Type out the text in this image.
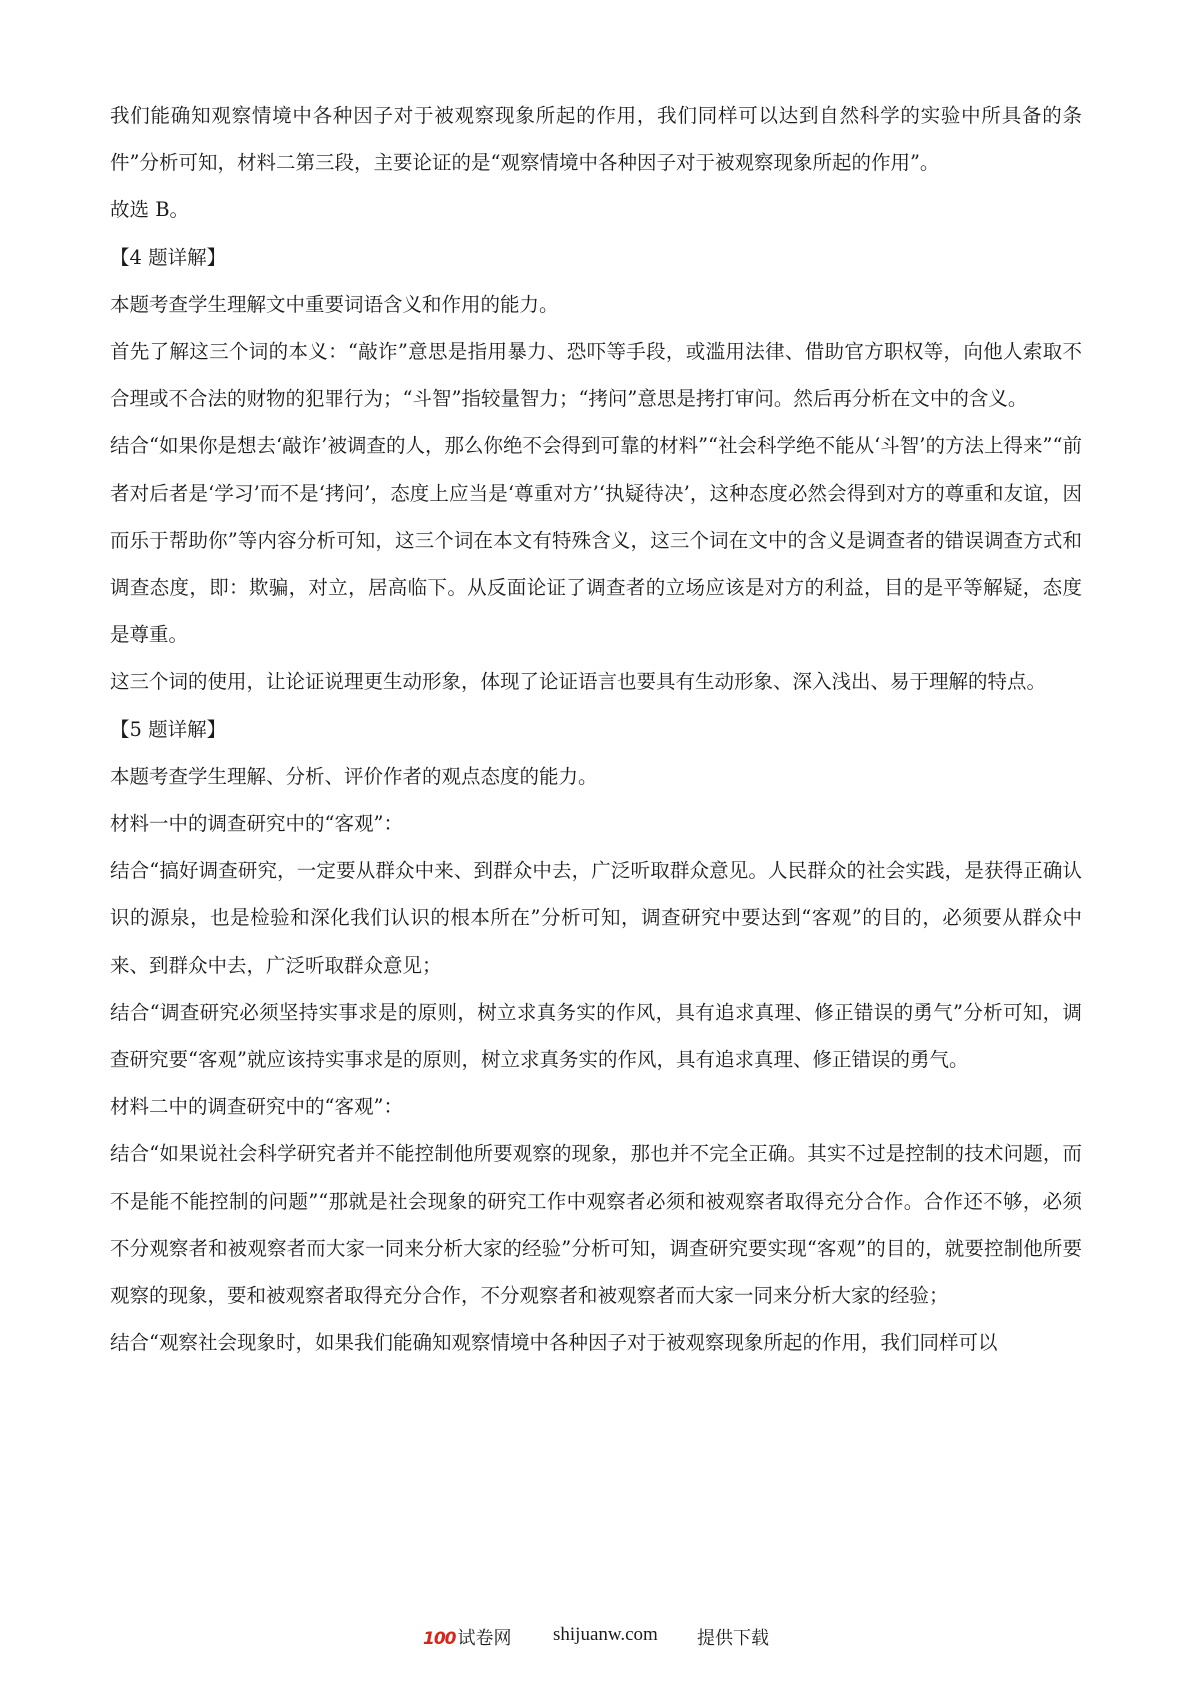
我们能确知观察情境中各种因子对于被观察现象所起的作用，我们同样可以达到自然科学的实验中所具备的条件”分析可知，材料二第三段，主要论证的是“观察情境中各种因子对于被观察现象所起的作用”。

故选 B。

【4 题详解】

本题考查学生理解文中重要词语含义和作用的能力。

首先了解这三个词的本义：“敲诈”意思是指用暴力、恐吓等手段，或滥用法律、借助官方职权等，向他人索取不合理或不合法的财物的犯罪行为；“斗智”指较量智力；“拷问”意思是拷打审问。然后再分析在文中的含义。

结合“如果你是想去‘敲诈’被调查的人，那么你绝不会得到可靠的材料”“社会科学绝不能从‘斗智’的方法上得来”“前者对后者是‘学习’而不是‘拷问’，态度上应当是‘尊重对方’‘执疑待决’，这种态度必然会得到对方的尊重和友谊，因而乐于帮助你”等内容分析可知，这三个词在本文有特殊含义，这三个词在文中的含义是调查者的错误调查方式和调查态度，即：欺骗，对立，居高临下。从反面论证了调查者的立场应该是对方的利益，目的是平等解疑，态度是尊重。

这三个词的使用，让论证说理更生动形象，体现了论证语言也要具有生动形象、深入浅出、易于理解的特点。

【5 题详解】

本题考查学生理解、分析、评价作者的观点态度的能力。

材料一中的调查研究中的“客观”：

结合“搞好调查研究，一定要从群众中来、到群众中去，广泛听取群众意见。人民群众的社会实践，是获得正确认识的源泉，也是检验和深化我们认识的根本所在”分析可知，调查研究中要达到“客观”的目的，必须要从群众中来、到群众中去，广泛听取群众意见；

结合“调查研究必须坚持实事求是的原则，树立求真务实的作风，具有追求真理、修正错误的勇气”分析可知，调查研究要“客观”就应该持实事求是的原则，树立求真务实的作风，具有追求真理、修正错误的勇气。

材料二中的调查研究中的“客观”：

结合“如果说社会科学研究者并不能控制他所要观察的现象，那也并不完全正确。其实不过是控制的技术问题，而不是能不能控制的问题”“那就是社会现象的研究工作中观察者必须和被观察者取得充分合作。合作还不够，必须不分观察者和被观察者而大家一同来分析大家的经验”分析可知，调查研究要实现“客观”的目的，就要控制他所要观察的现象，要和被观察者取得充分合作，不分观察者和被观察者而大家一同来分析大家的经验；

结合“观察社会现象时，如果我们能确知观察情境中各种因子对于被观察现象所起的作用，我们同样可以

100 试卷网 shijuanw.com 提供下载
